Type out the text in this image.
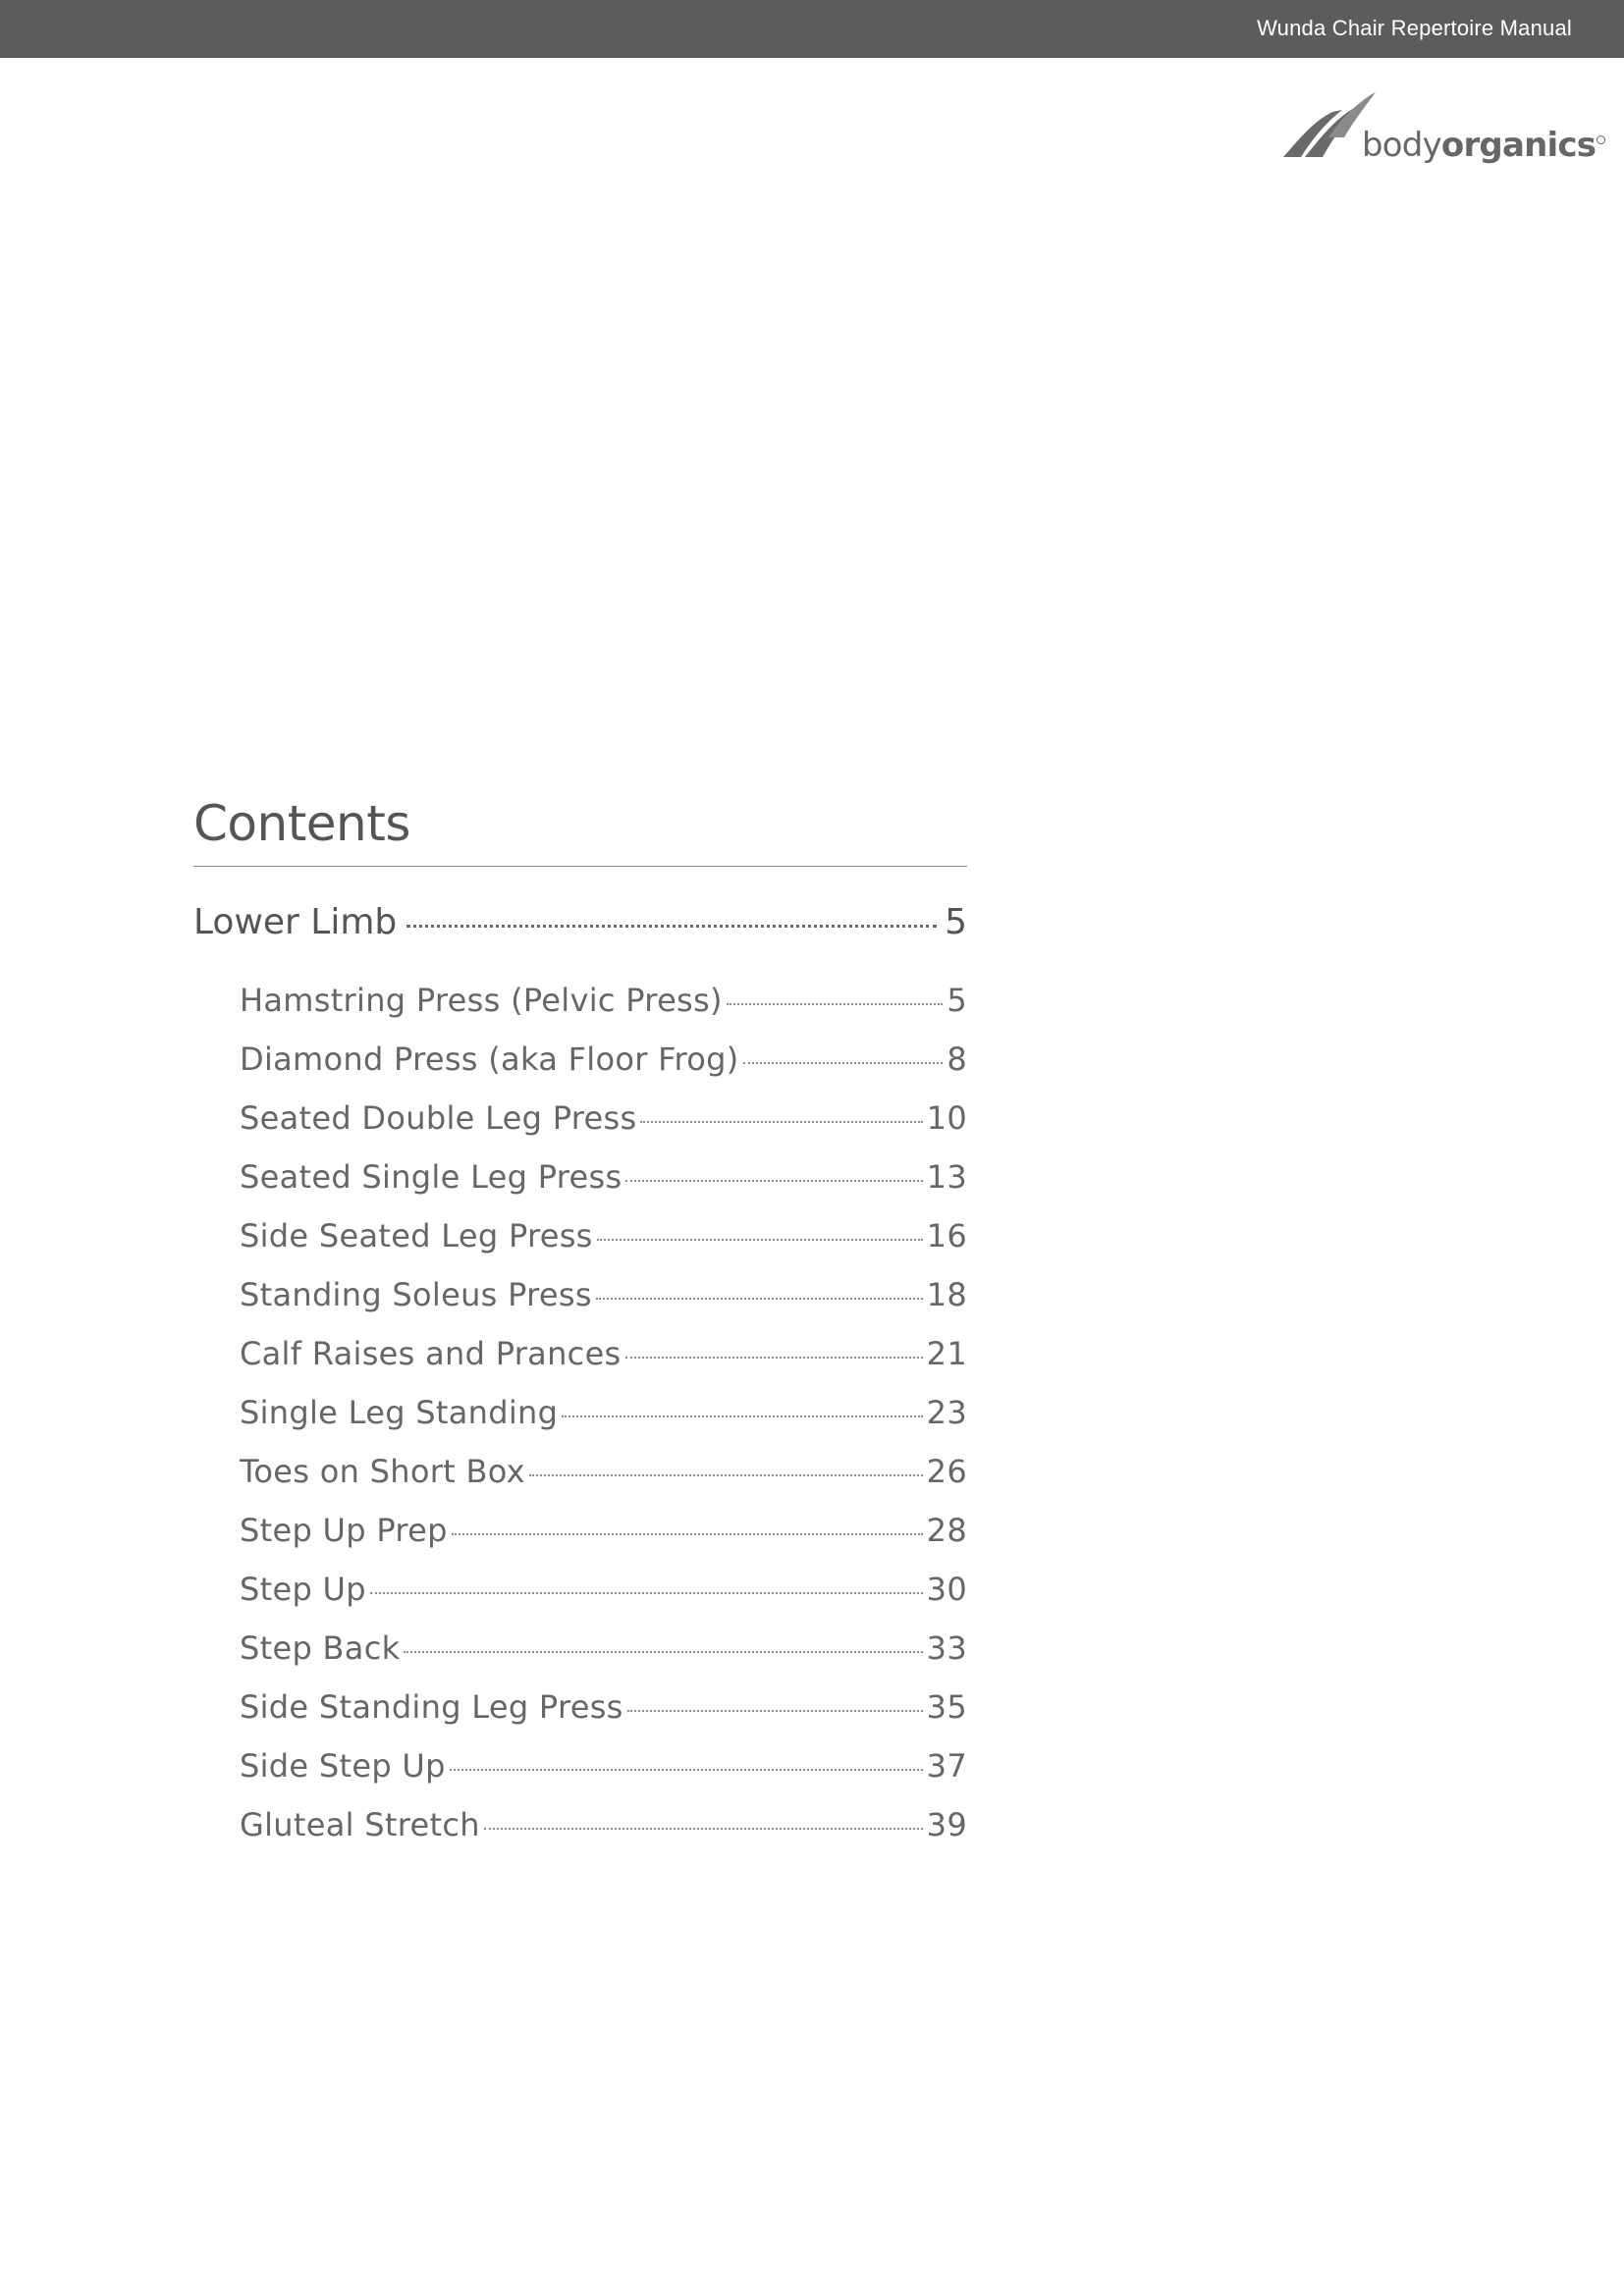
Wunda Chair Repertoire Manual
bodyorganics
Contents
Lower Limb	5
Hamstring Press (Pelvic Press)	5
Diamond Press (aka Floor Frog)	8
Seated Double Leg Press	10
Seated Single Leg Press	13
Side Seated Leg Press	16
Standing Soleus Press	18
Calf Raises and Prances	21
Single Leg Standing	23
Toes on Short Box	26
Step Up Prep	28
Step Up	30
Step Back	33
Side Standing Leg Press	35
Side Step Up	37
Gluteal Stretch	39
